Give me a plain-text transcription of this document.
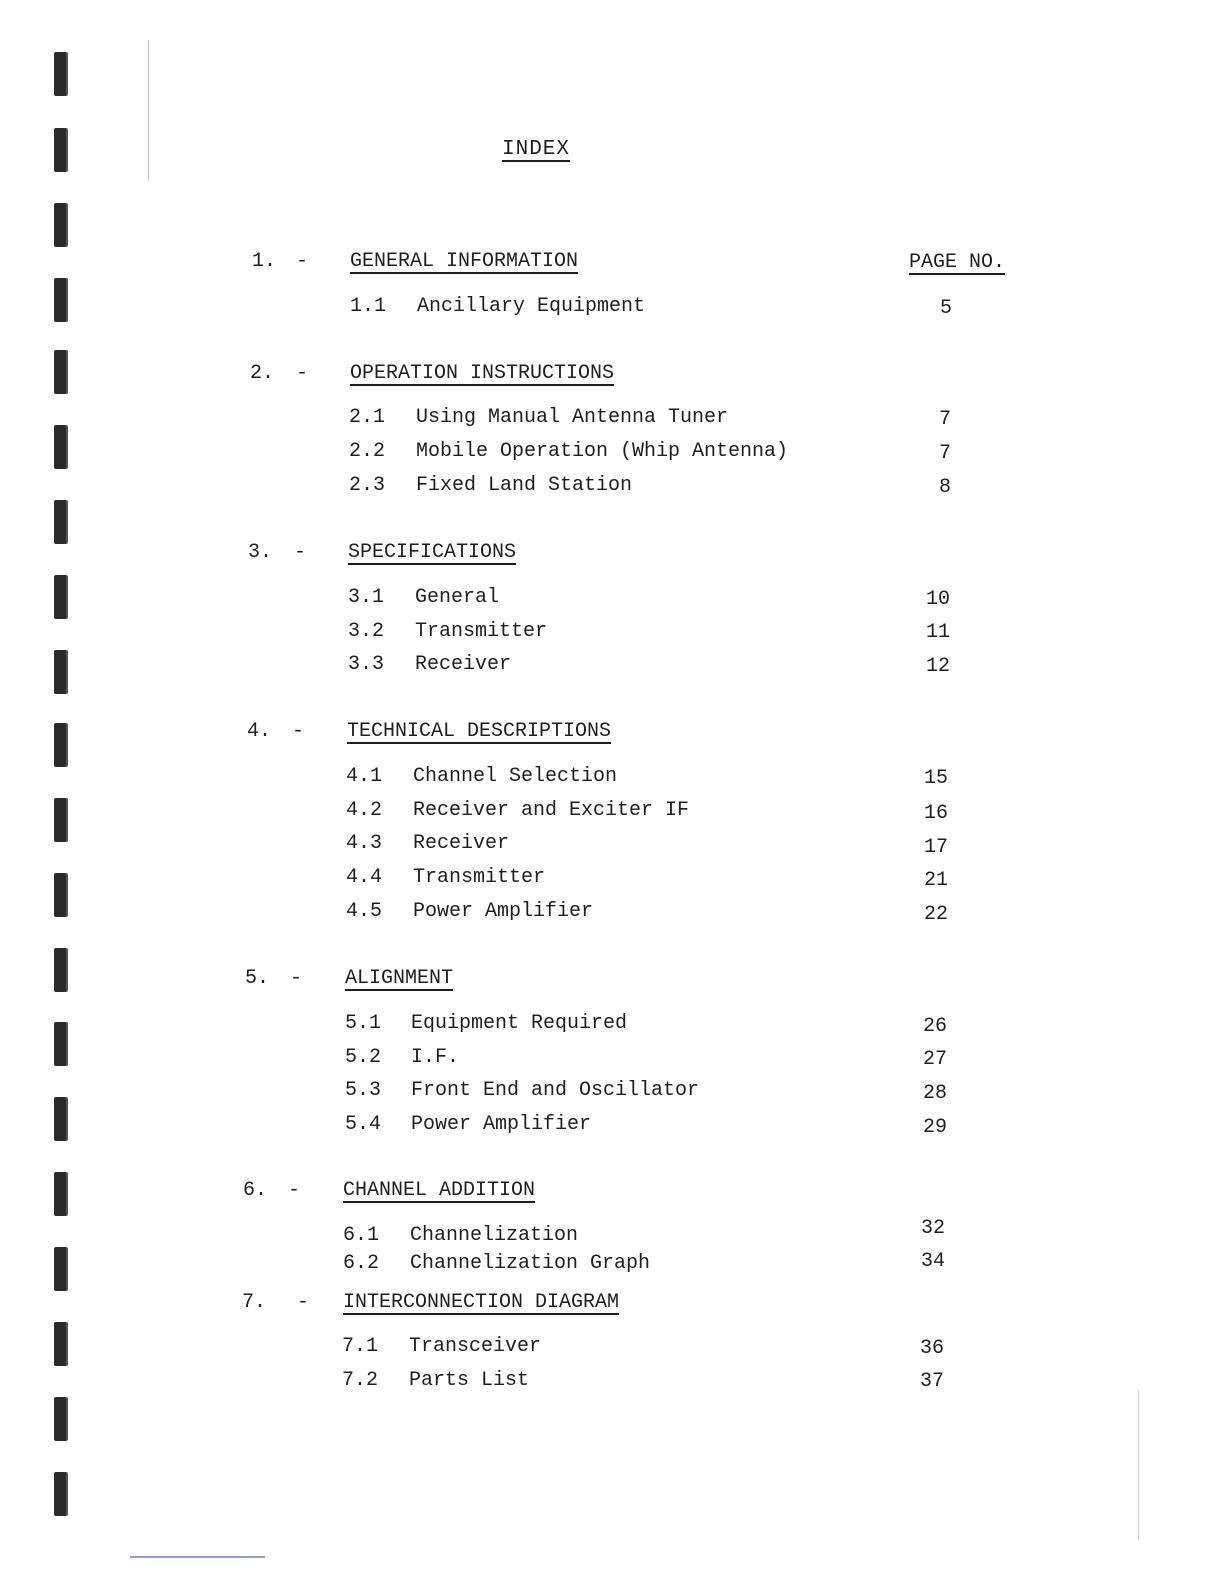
INDEX
PAGE NO.
1. - GENERAL INFORMATION
1.1 Ancillary Equipment	5
2. - OPERATION INSTRUCTIONS
2.1 Using Manual Antenna Tuner	7
2.2 Mobile Operation (Whip Antenna)	7
2.3 Fixed Land Station	8
3. - SPECIFICATIONS
3.1 General	10
3.2 Transmitter	11
3.3 Receiver	12
4. - TECHNICAL DESCRIPTIONS
4.1 Channel Selection	15
4.2 Receiver and Exciter IF	16
4.3 Receiver	17
4.4 Transmitter	21
4.5 Power Amplifier	22
5. - ALIGNMENT
5.1 Equipment Required	26
5.2 I.F.	27
5.3 Front End and Oscillator	28
5.4 Power Amplifier	29
6. - CHANNEL ADDITION
6.1 Channelization	32
6.2 Channelization Graph	34
7. - INTERCONNECTION DIAGRAM
7.1 Transceiver	36
7.2 Parts List	37
